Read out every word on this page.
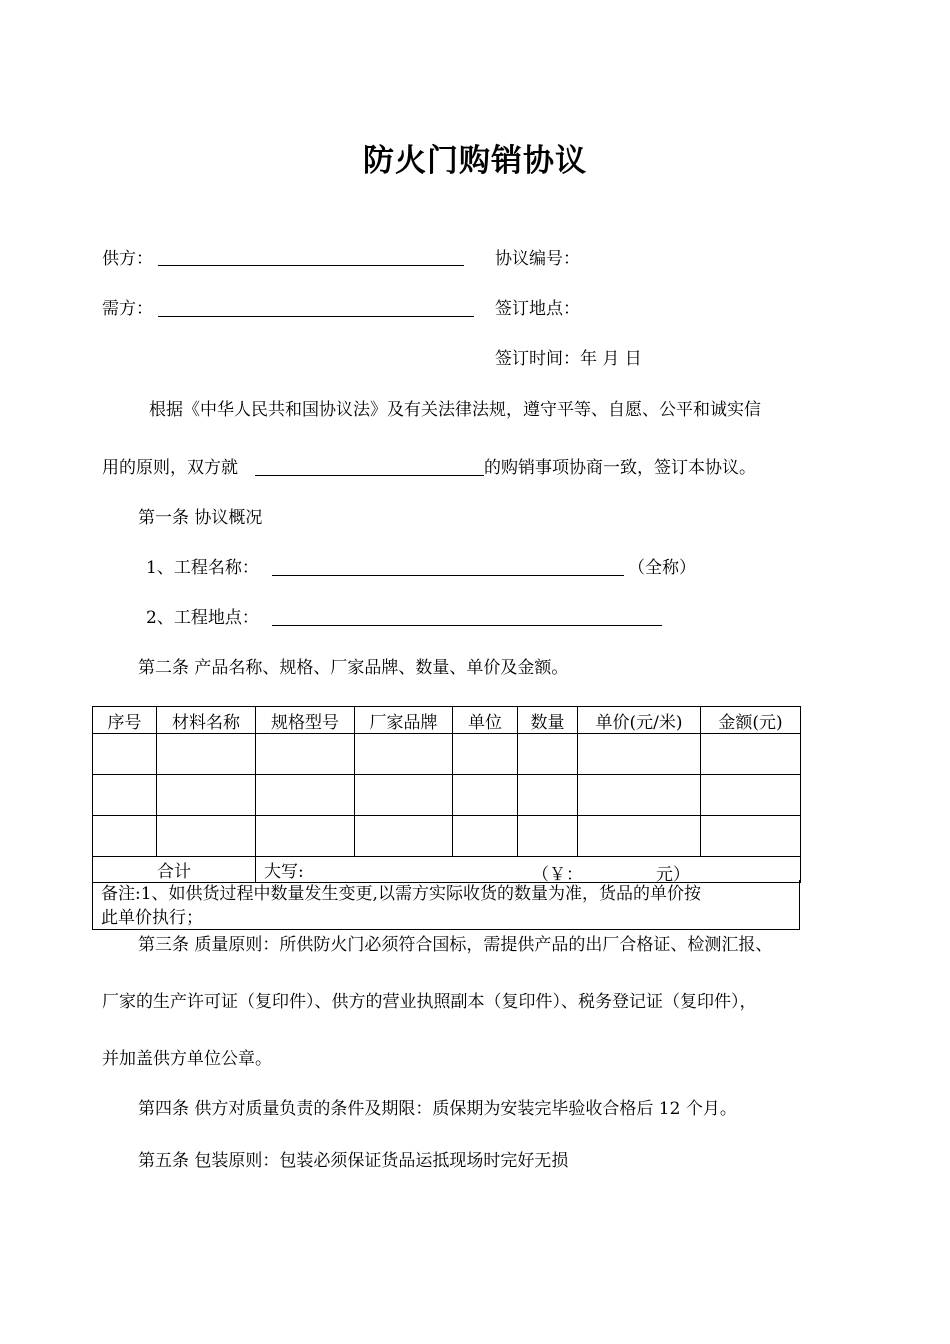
防火门购销协议
供方：	协议编号：
需方：	签订地点：
签订时间：年 月 日
根据《中华人民共和国协议法》及有关法律法规，遵守平等、自愿、公平和诚实信
用的原则，双方就	的购销事项协商一致，签订本协议。
第一条 协议概况
1、工程名称：	（全称）
2、工程地点：
第二条 产品名称、规格、厂家品牌、数量、单价及金额。
序号	材料名称	规格型号	厂家品牌	单位	数量	单价(元/米)	金额(元)

合计		大写: （￥： 元）					
备注:1、如供货过程中数量发生变更,以需方实际收货的数量为准，货品的单价按
此单价执行；
第三条 质量原则：所供防火门必须符合国标，需提供产品的出厂合格证、检测汇报、
厂家的生产许可证（复印件）、供方的营业执照副本（复印件）、税务登记证（复印件），
并加盖供方单位公章。
第四条 供方对质量负责的条件及期限：质保期为安装完毕验收合格后 12 个月。
第五条 包装原则：包装必须保证货品运抵现场时完好无损
